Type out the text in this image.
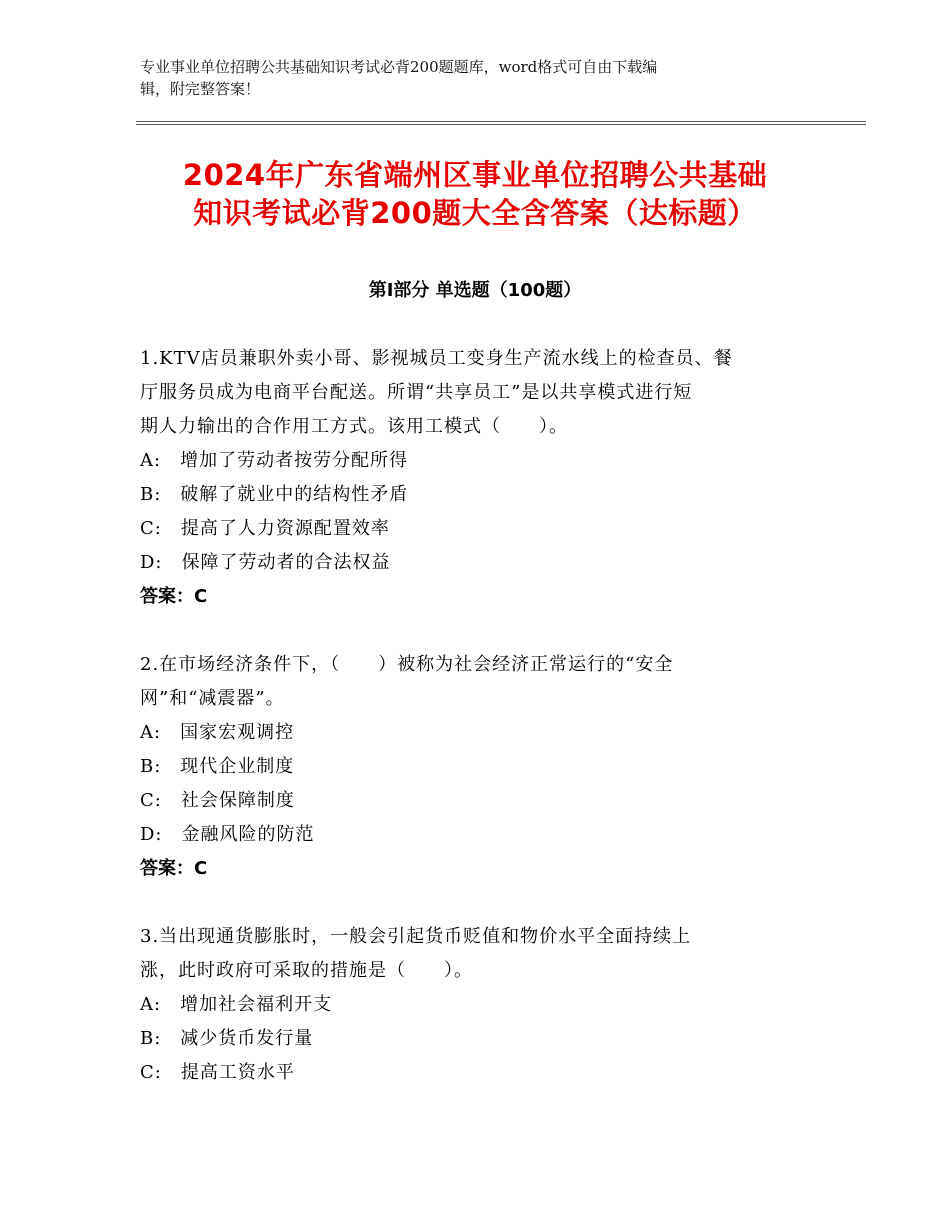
专业事业单位招聘公共基础知识考试必背200题题库，word格式可自由下载编
辑，附完整答案！
2024年广东省端州区事业单位招聘公共基础
知识考试必背200题大全含答案（达标题）
第Ⅰ部分 单选题（100题）
1.KTV店员兼职外卖小哥、影视城员工变身生产流水线上的检查员、餐
厅服务员成为电商平台配送。所谓“共享员工”是以共享模式进行短
期人力输出的合作用工方式。该用工模式（　　）。
A:　增加了劳动者按劳分配所得
B:　破解了就业中的结构性矛盾
C:　提高了人力资源配置效率
D:　保障了劳动者的合法权益
答案：C
2.在市场经济条件下，（　　）被称为社会经济正常运行的“安全
网”和“减震器”。
A:　国家宏观调控
B:　现代企业制度
C:　社会保障制度
D:　金融风险的防范
答案：C
3.当出现通货膨胀时，一般会引起货币贬值和物价水平全面持续上
涨，此时政府可采取的措施是（　　）。
A:　增加社会福利开支
B:　减少货币发行量
C:　提高工资水平
